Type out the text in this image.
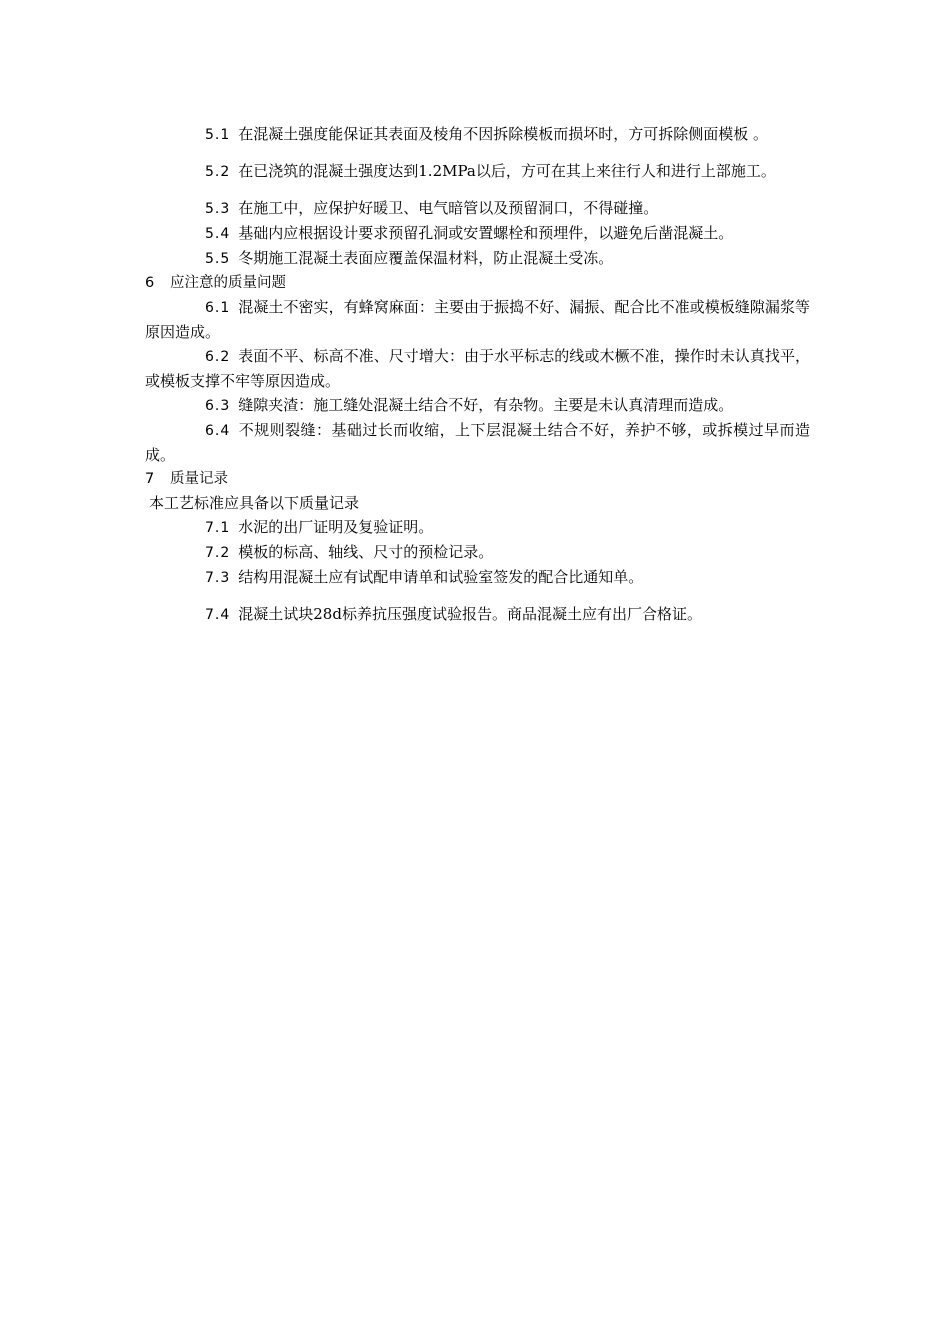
5.1 在混凝土强度能保证其表面及棱角不因拆除模板而损坏时，方可拆除侧面模板 。

5.2 在已浇筑的混凝土强度达到1.2MPa以后，方可在其上来往行人和进行上部施工。

5.3 在施工中，应保护好暖卫、电气暗管以及预留洞口，不得碰撞。

5.4 基础内应根据设计要求预留孔洞或安置螺栓和预埋件，以避免后凿混凝土。

5.5 冬期施工混凝土表面应覆盖保温材料，防止混凝土受冻。

6 应注意的质量问题

6.1 混凝土不密实，有蜂窝麻面：主要由于振捣不好、漏振、配合比不准或模板缝隙漏浆等原因造成。

6.2 表面不平、标高不准、尺寸增大：由于水平标志的线或木橛不准，操作时未认真找平，或模板支撑不牢等原因造成。

6.3 缝隙夹渣：施工缝处混凝土结合不好，有杂物。主要是未认真清理而造成。

6.4 不规则裂缝：基础过长而收缩，上下层混凝土结合不好，养护不够，或拆模过早而造成。

7 质量记录

本工艺标准应具备以下质量记录

7.1 水泥的出厂证明及复验证明。

7.2 模板的标高、轴线、尺寸的预检记录。

7.3 结构用混凝土应有试配申请单和试验室签发的配合比通知单。

7.4 混凝土试块28d标养抗压强度试验报告。商品混凝土应有出厂合格证。
